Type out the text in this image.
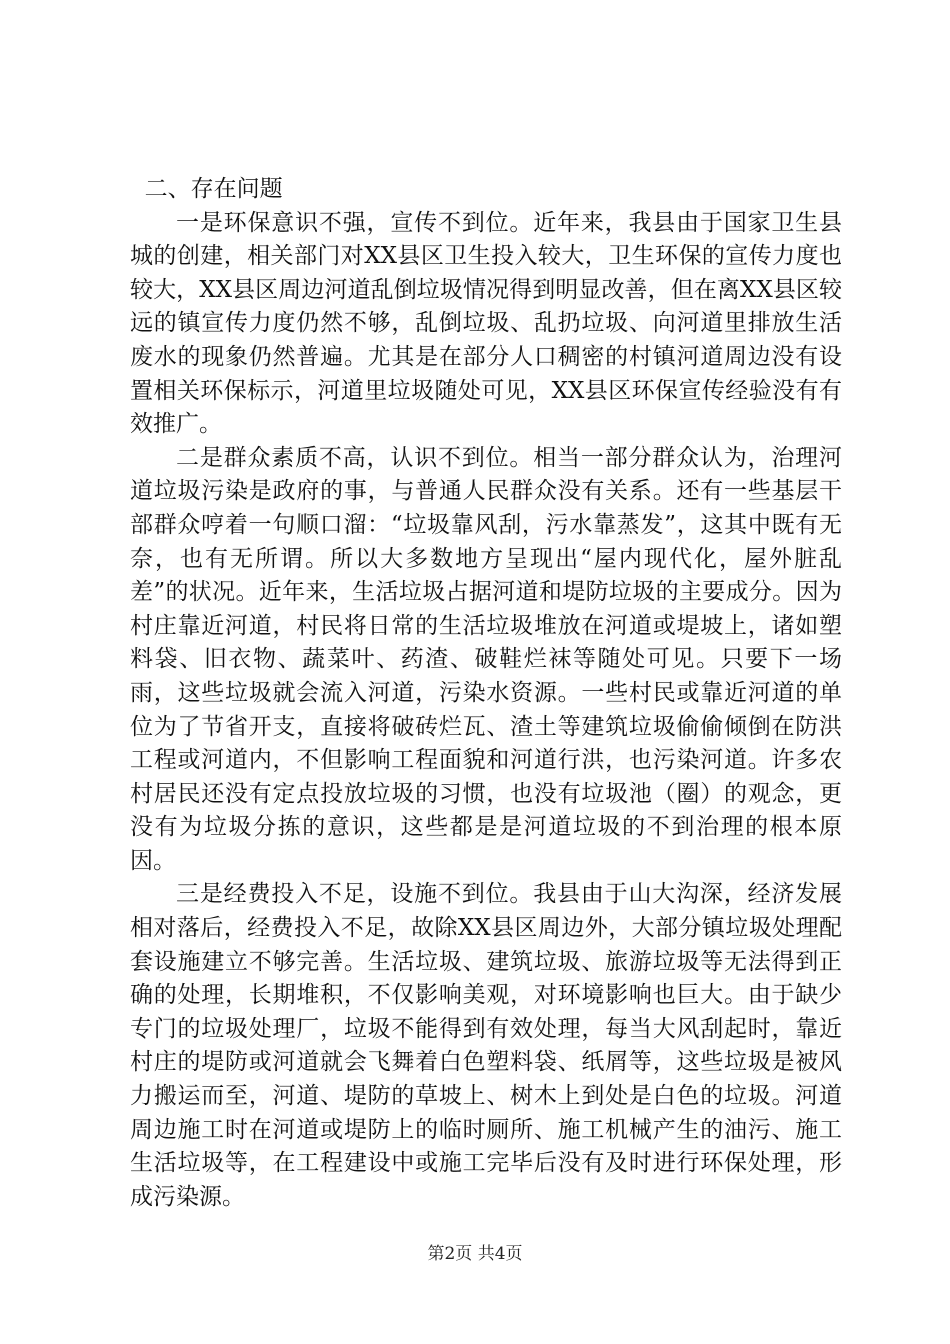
二、存在问题

一是环保意识不强，宣传不到位。近年来，我县由于国家卫生县城的创建，相关部门对XX县区卫生投入较大，卫生环保的宣传力度也较大，XX县区周边河道乱倒垃圾情况得到明显改善，但在离XX县区较远的镇宣传力度仍然不够，乱倒垃圾、乱扔垃圾、向河道里排放生活废水的现象仍然普遍。尤其是在部分人口稠密的村镇河道周边没有设置相关环保标示，河道里垃圾随处可见，XX县区环保宣传经验没有有效推广。

二是群众素质不高，认识不到位。相当一部分群众认为，治理河道垃圾污染是政府的事，与普通人民群众没有关系。还有一些基层干部群众哼着一句顺口溜：“垃圾靠风刮，污水靠蒸发”，这其中既有无奈，也有无所谓。所以大多数地方呈现出“屋内现代化，屋外脏乱差”的状况。近年来，生活垃圾占据河道和堤防垃圾的主要成分。因为村庄靠近河道，村民将日常的生活垃圾堆放在河道或堤坡上，诸如塑料袋、旧衣物、蔬菜叶、药渣、破鞋烂袜等随处可见。只要下一场雨，这些垃圾就会流入河道，污染水资源。一些村民或靠近河道的单位为了节省开支，直接将破砖烂瓦、渣土等建筑垃圾偷偷倾倒在防洪工程或河道内，不但影响工程面貌和河道行洪，也污染河道。许多农村居民还没有定点投放垃圾的习惯，也没有垃圾池（圈）的观念，更没有为垃圾分拣的意识，这些都是是河道垃圾的不到治理的根本原因。

三是经费投入不足，设施不到位。我县由于山大沟深，经济发展相对落后，经费投入不足，故除XX县区周边外，大部分镇垃圾处理配套设施建立不够完善。生活垃圾、建筑垃圾、旅游垃圾等无法得到正确的处理，长期堆积，不仅影响美观，对环境影响也巨大。由于缺少专门的垃圾处理厂，垃圾不能得到有效处理，每当大风刮起时，靠近村庄的堤防或河道就会飞舞着白色塑料袋、纸屑等，这些垃圾是被风力搬运而至，河道、堤防的草坡上、树木上到处是白色的垃圾。河道周边施工时在河道或堤防上的临时厕所、施工机械产生的油污、施工生活垃圾等，在工程建设中或施工完毕后没有及时进行环保处理，形成污染源。

第2页 共4页
